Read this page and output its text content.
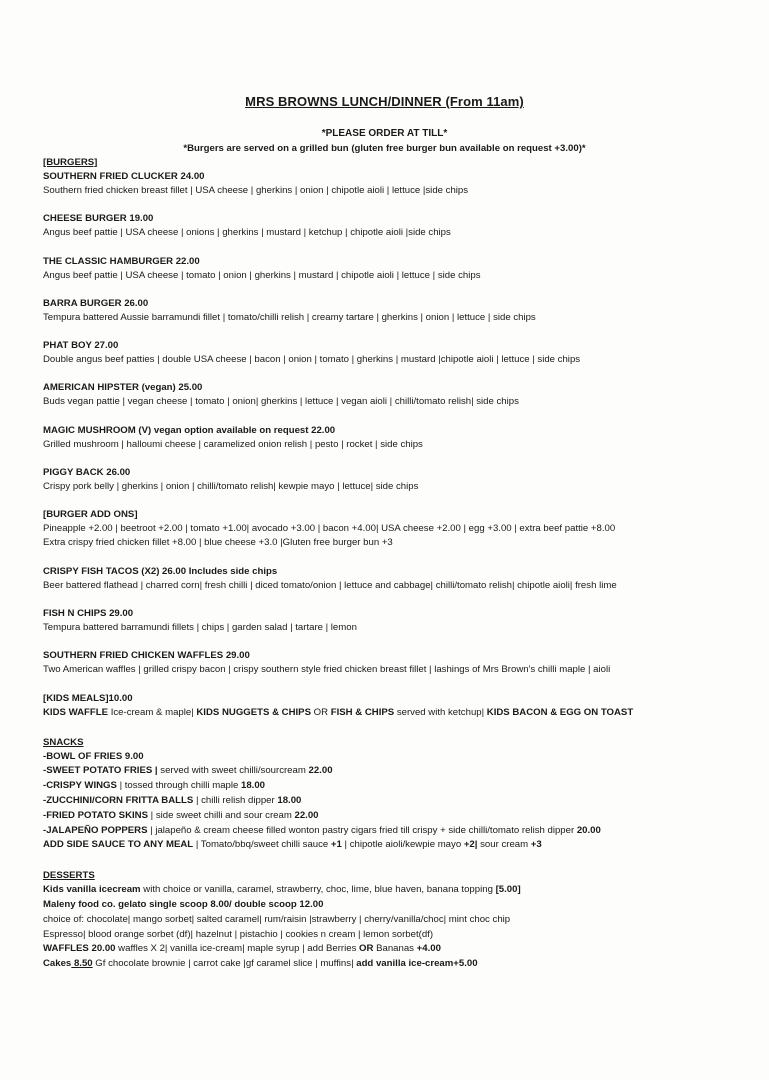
MRS BROWNS LUNCH/DINNER (From 11am)
*PLEASE ORDER AT TILL*
*Burgers are served on a grilled bun (gluten free burger bun available on request +3.00)*
[BURGERS]
SOUTHERN FRIED CLUCKER 24.00
Southern fried chicken breast fillet | USA cheese | gherkins | onion | chipotle aioli | lettuce |side chips
CHEESE BURGER 19.00
Angus beef pattie | USA cheese | onions | gherkins | mustard | ketchup | chipotle aioli |side chips
THE CLASSIC HAMBURGER 22.00
Angus beef pattie | USA cheese | tomato | onion | gherkins | mustard | chipotle aioli | lettuce | side chips
BARRA BURGER 26.00
Tempura battered Aussie barramundi fillet | tomato/chilli relish | creamy tartare | gherkins | onion | lettuce | side chips
PHAT BOY 27.00
Double angus beef patties | double USA cheese | bacon | onion | tomato | gherkins | mustard |chipotle aioli | lettuce | side chips
AMERICAN HIPSTER (vegan) 25.00
Buds vegan pattie | vegan cheese | tomato | onion| gherkins | lettuce | vegan aioli | chilli/tomato relish| side chips
MAGIC MUSHROOM (V) vegan option available on request 22.00
Grilled mushroom | halloumi cheese | caramelized onion relish | pesto | rocket | side chips
PIGGY BACK 26.00
Crispy pork belly | gherkins | onion | chilli/tomato relish| kewpie mayo | lettuce| side chips
[BURGER ADD ONS]
Pineapple +2.00 | beetroot +2.00 | tomato +1.00| avocado +3.00 | bacon +4.00| USA cheese +2.00 | egg +3.00 | extra beef pattie +8.00
Extra crispy fried chicken fillet +8.00 | blue cheese +3.0 |Gluten free burger bun +3
CRISPY FISH TACOS (X2) 26.00 Includes side chips
Beer battered flathead | charred corn| fresh chilli | diced tomato/onion | lettuce and cabbage| chilli/tomato relish| chipotle aioli| fresh lime
FISH N CHIPS 29.00
Tempura battered barramundi fillets | chips | garden salad | tartare | lemon
SOUTHERN FRIED CHICKEN WAFFLES 29.00
Two American waffles | grilled crispy bacon | crispy southern style fried chicken breast fillet | lashings of Mrs Brown's chilli maple | aioli
[KIDS MEALS]10.00
KIDS WAFFLE Ice-cream & maple| KIDS NUGGETS & CHIPS OR FISH & CHIPS served with ketchup| KIDS BACON & EGG ON TOAST
SNACKS
-BOWL OF FRIES 9.00
-SWEET POTATO FRIES | served with sweet chilli/sourcream 22.00
-CRISPY WINGS | tossed through chilli maple 18.00
-ZUCCHINI/CORN FRITTA BALLS | chilli relish dipper 18.00
-FRIED POTATO SKINS | side sweet chilli and sour cream 22.00
-JALAPEÑO POPPERS | jalapeño & cream cheese filled wonton pastry cigars fried till crispy + side chilli/tomato relish dipper 20.00
ADD SIDE SAUCE TO ANY MEAL | Tomato/bbq/sweet chilli sauce +1 | chipotle aioli/kewpie mayo +2| sour cream +3
DESSERTS
Kids vanilla icecream with choice or vanilla, caramel, strawberry, choc, lime, blue haven, banana topping [5.00]
Maleny food co. gelato single scoop 8.00/ double scoop 12.00
choice of: chocolate| mango sorbet| salted caramel| rum/raisin |strawberry | cherry/vanilla/choc| mint choc chip
Espresso| blood orange sorbet (df)| hazelnut | pistachio | cookies n cream | lemon sorbet(df)
WAFFLES 20.00 waffles X 2| vanilla ice-cream| maple syrup | add Berries OR Bananas +4.00
Cakes 8.50 Gf chocolate brownie | carrot cake |gf caramel slice | muffins| add vanilla ice-cream+5.00
